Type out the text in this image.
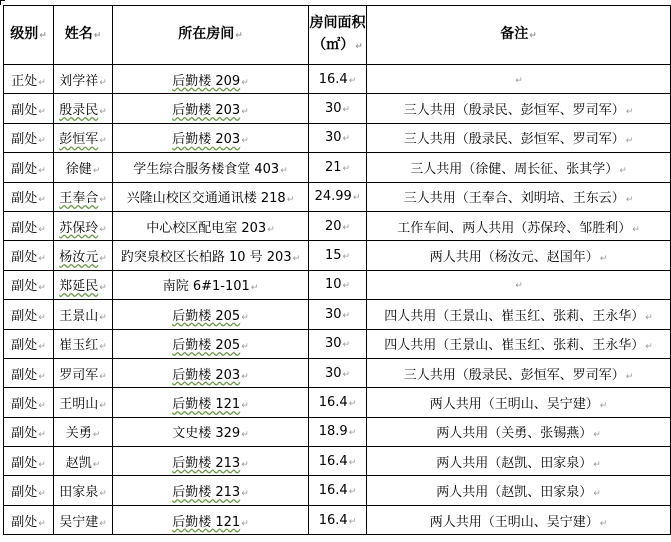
级别↵	姓名↵	所在房间↵	房间面积（㎡）↵	备注↵
正处↵	刘学祥↵	后勤楼 209↵	16.4↵	↵
副处↵	殷录民↵	后勤楼 203↵	30↵	三人共用（殷录民、彭恒军、罗司军）↵
副处↵	彭恒军↵	后勤楼 203↵	30↵	三人共用（殷录民、彭恒军、罗司军）↵
副处↵	徐健↵	学生综合服务楼食堂 403↵	21↵	三人共用（徐健、周长征、张其学）↵
副处↵	王奉合↵	兴隆山校区交通通讯楼 218↵	24.99↵	三人共用（王奉合、刘明培、王东云）↵
副处↵	苏保玲↵	中心校区配电室 203↵	20↵	工作车间、两人共用（苏保玲、邹胜利）↵
副处↵	杨汝元↵	趵突泉校区长柏路 10 号 203↵	15↵	两人共用（杨汝元、赵国年）↵
副处↵	郑延民↵	南院 6#1-101↵	10↵	↵
副处↵	王景山↵	后勤楼 205↵	30↵	四人共用（王景山、崔玉红、张莉、王永华）↵
副处↵	崔玉红↵	后勤楼 205↵	30↵	四人共用（王景山、崔玉红、张莉、王永华）↵
副处↵	罗司军↵	后勤楼 203↵	30↵	三人共用（殷录民、彭恒军、罗司军）↵
副处↵	王明山↵	后勤楼 121↵	16.4↵	两人共用（王明山、吴宁建）↵
副处↵	关勇↵	文史楼 329↵	18.9↵	两人共用（关勇、张锡燕）↵
副处↵	赵凯↵	后勤楼 213↵	16.4↵	两人共用（赵凯、田家泉）↵
副处↵	田家泉↵	后勤楼 213↵	16.4↵	两人共用（赵凯、田家泉）↵
副处↵	吴宁建↵	后勤楼 121↵	16.4↵	两人共用（王明山、吴宁建）↵
